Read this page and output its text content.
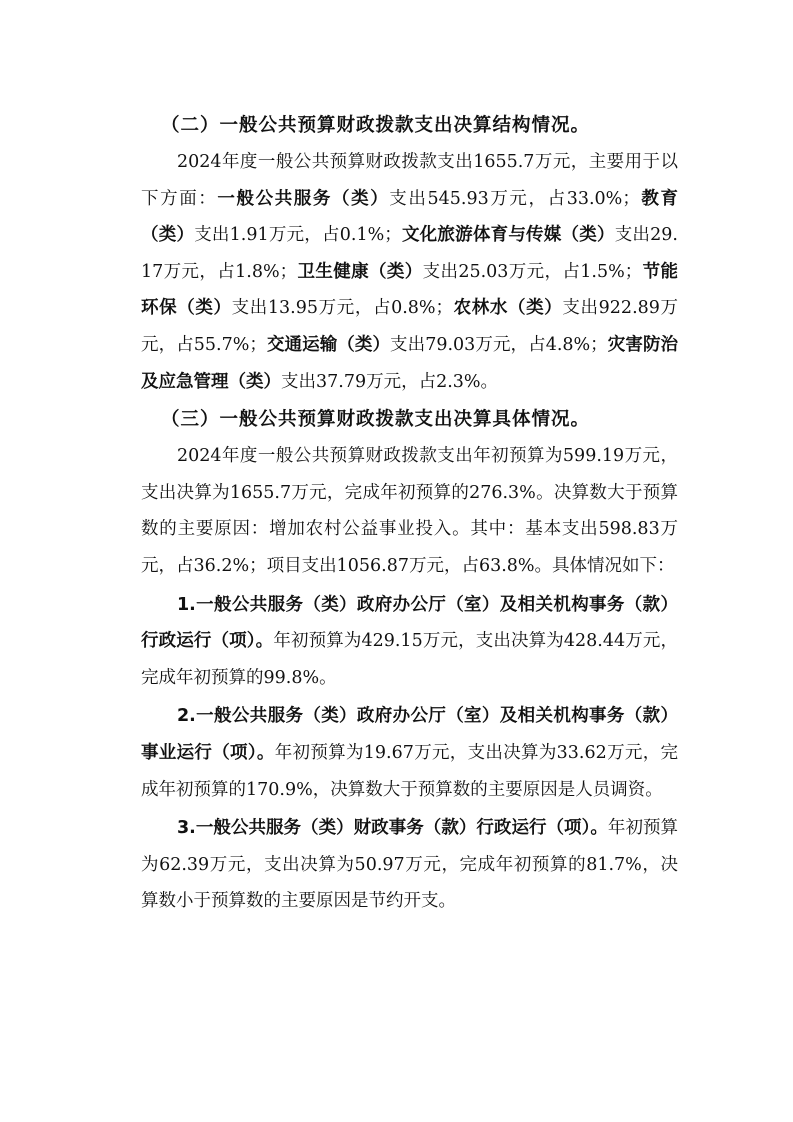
（二）一般公共预算财政拨款支出决算结构情况。

2024年度一般公共预算财政拨款支出1655.7万元，主要用于以下方面：一般公共服务（类）支出545.93万元，占33.0%；教育（类）支出1.91万元，占0.1%；文化旅游体育与传媒（类）支出29.17万元，占1.8%；卫生健康（类）支出25.03万元，占1.5%；节能环保（类）支出13.95万元，占0.8%；农林水（类）支出922.89万元，占55.7%；交通运输（类）支出79.03万元，占4.8%；灾害防治及应急管理（类）支出37.79万元，占2.3%。

（三）一般公共预算财政拨款支出决算具体情况。

2024年度一般公共预算财政拨款支出年初预算为599.19万元，支出决算为1655.7万元，完成年初预算的276.3%。决算数大于预算数的主要原因：增加农村公益事业投入。其中：基本支出598.83万元，占36.2%；项目支出1056.87万元，占63.8%。具体情况如下：

1.一般公共服务（类）政府办公厅（室）及相关机构事务（款）行政运行（项）。年初预算为429.15万元，支出决算为428.44万元，完成年初预算的99.8%。

2.一般公共服务（类）政府办公厅（室）及相关机构事务（款）事业运行（项）。年初预算为19.67万元，支出决算为33.62万元，完成年初预算的170.9%，决算数大于预算数的主要原因是人员调资。

3.一般公共服务（类）财政事务（款）行政运行（项）。年初预算为62.39万元，支出决算为50.97万元，完成年初预算的81.7%，决算数小于预算数的主要原因是节约开支。
